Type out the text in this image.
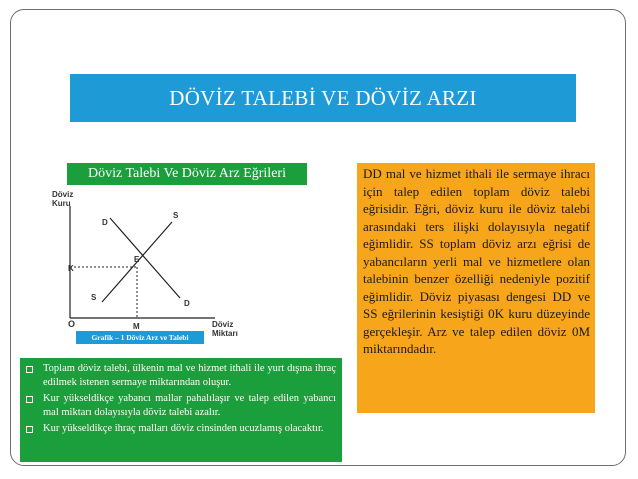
DÖVİZ TALEBİ VE DÖVİZ ARZI
Döviz Talebi Ve Döviz Arz Eğrileri
Döviz
Kuru
Döviz
Miktarı
O
K
M
E
D
D
S
S
Grafik – 1 Döviz Arz ve Talebi
Toplam döviz talebi, ülkenin mal ve hizmet ithali ile yurt dışına ihraç edilmek istenen sermaye miktarından oluşur.
Kur yükseldikçe yabancı mallar pahalılaşır ve talep edilen yabancı mal miktarı dolayısıyla döviz talebi azalır.
Kur yükseldikçe ihraç malları döviz cinsinden ucuzlamış olacaktır.

DD mal ve hizmet ithali ile sermaye ihracı için talep edilen toplam döviz talebi eğrisidir. Eğri, döviz kuru ile döviz talebi arasındaki ters ilişki dolayısıyla negatif eğimlidir. SS toplam döviz arzı eğrisi de yabancıların yerli mal ve hizmetlere olan talebinin benzer özelliği nedeniyle pozitif eğimlidir. Döviz piyasası dengesi DD ve SS eğrilerinin kesiştiği 0K kuru düzeyinde gerçekleşir. Arz ve talep edilen döviz 0M miktarındadır.
